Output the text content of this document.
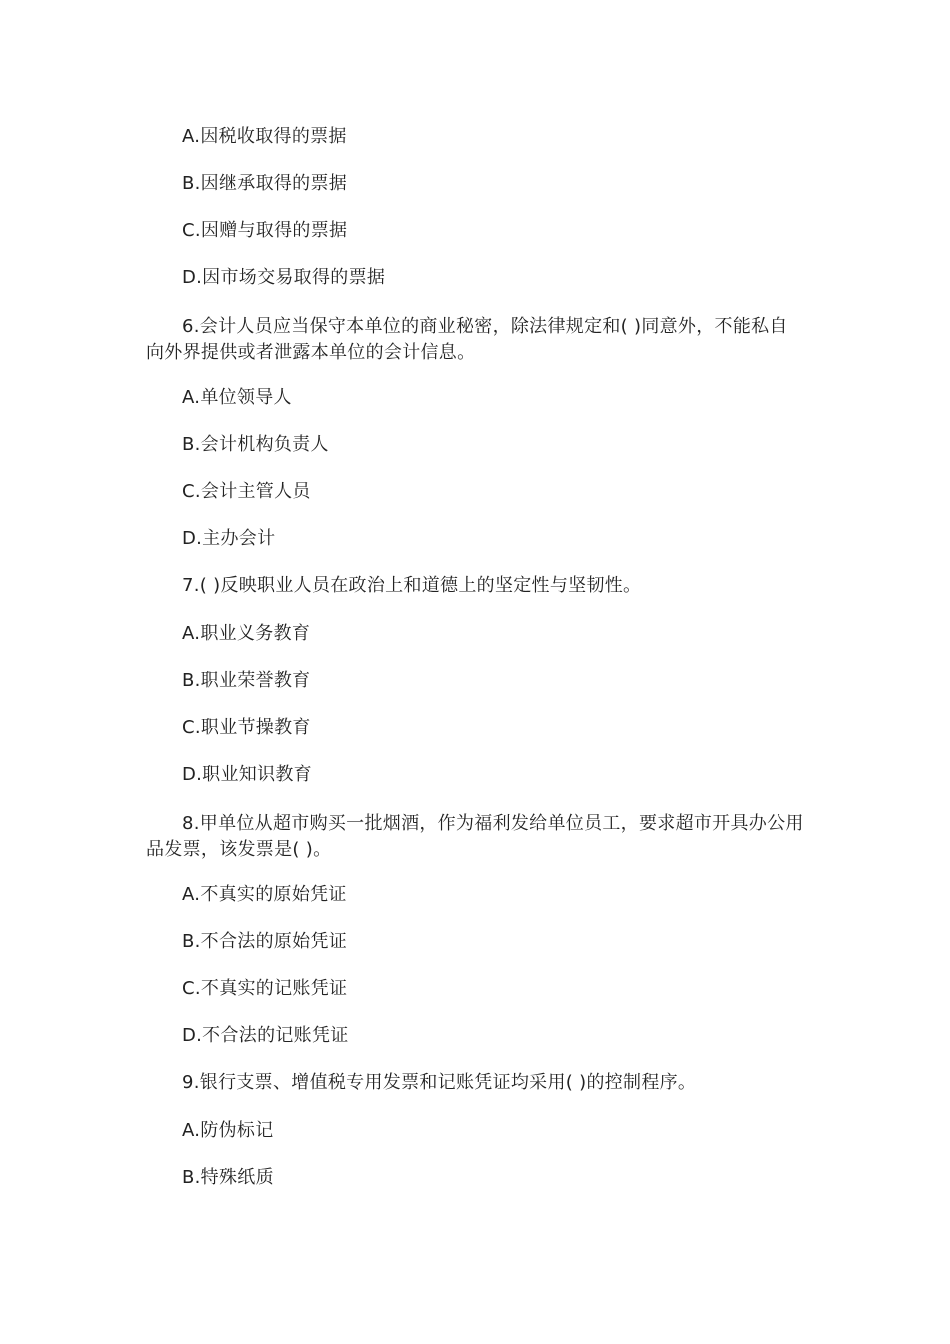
A.因税收取得的票据
B.因继承取得的票据
C.因赠与取得的票据
D.因市场交易取得的票据
6.会计人员应当保守本单位的商业秘密，除法律规定和( )同意外，不能私自向外界提供或者泄露本单位的会计信息。
A.单位领导人
B.会计机构负责人
C.会计主管人员
D.主办会计
7.( )反映职业人员在政治上和道德上的坚定性与坚韧性。
A.职业义务教育
B.职业荣誉教育
C.职业节操教育
D.职业知识教育
8.甲单位从超市购买一批烟酒，作为福利发给单位员工，要求超市开具办公用品发票，该发票是( )。
A.不真实的原始凭证
B.不合法的原始凭证
C.不真实的记账凭证
D.不合法的记账凭证
9.银行支票、增值税专用发票和记账凭证均采用( )的控制程序。
A.防伪标记
B.特殊纸质
